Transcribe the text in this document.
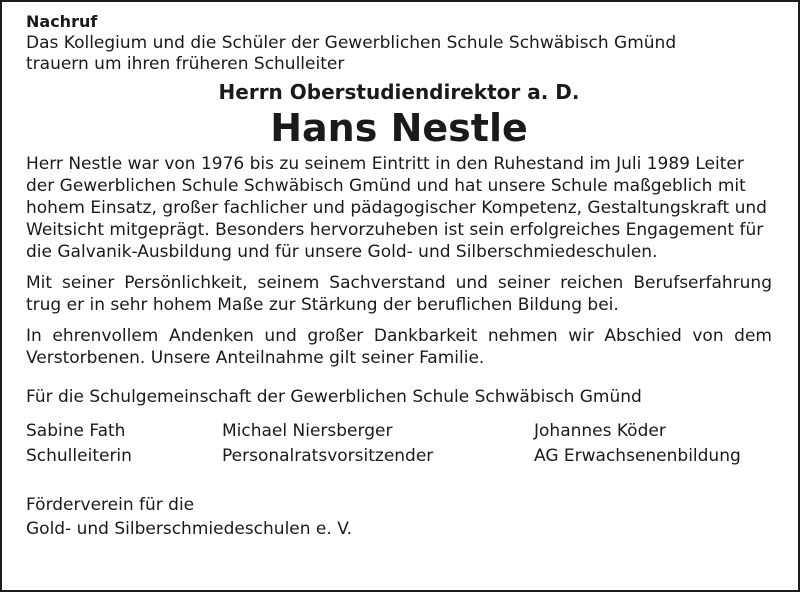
Nachruf
Das Kollegium und die Schüler der Gewerblichen Schule Schwäbisch Gmünd
trauern um ihren früheren Schulleiter
Herrn Oberstudiendirektor a. D.
Hans Nestle

Herr Nestle war von 1976 bis zu seinem Eintritt in den Ruhestand im Juli 1989 Leiter der Gewerblichen Schule Schwäbisch Gmünd und hat unsere Schule maßgeblich mit hohem Einsatz, großer fachlicher und pädagogischer Kompetenz, Gestaltungskraft und Weitsicht mitgeprägt. Besonders hervorzuheben ist sein erfolgreiches Engagement für die Galvanik-Ausbildung und für unsere Gold- und Silberschmiedeschulen.

Mit seiner Persönlichkeit, seinem Sachverstand und seiner reichen Berufserfahrung trug er in sehr hohem Maße zur Stärkung der beruflichen Bildung bei.

In ehrenvollem Andenken und großer Dankbarkeit nehmen wir Abschied von dem Verstorbenen. Unsere Anteilnahme gilt seiner Familie.

Für die Schulgemeinschaft der Gewerblichen Schule Schwäbisch Gmünd
Sabine Fath	Michael Niersberger	Johannes Köder
Schulleiterin	Personalratsvorsitzender	AG Erwachsenenbildung
Förderverein für die
Gold- und Silberschmiedeschulen e. V.
